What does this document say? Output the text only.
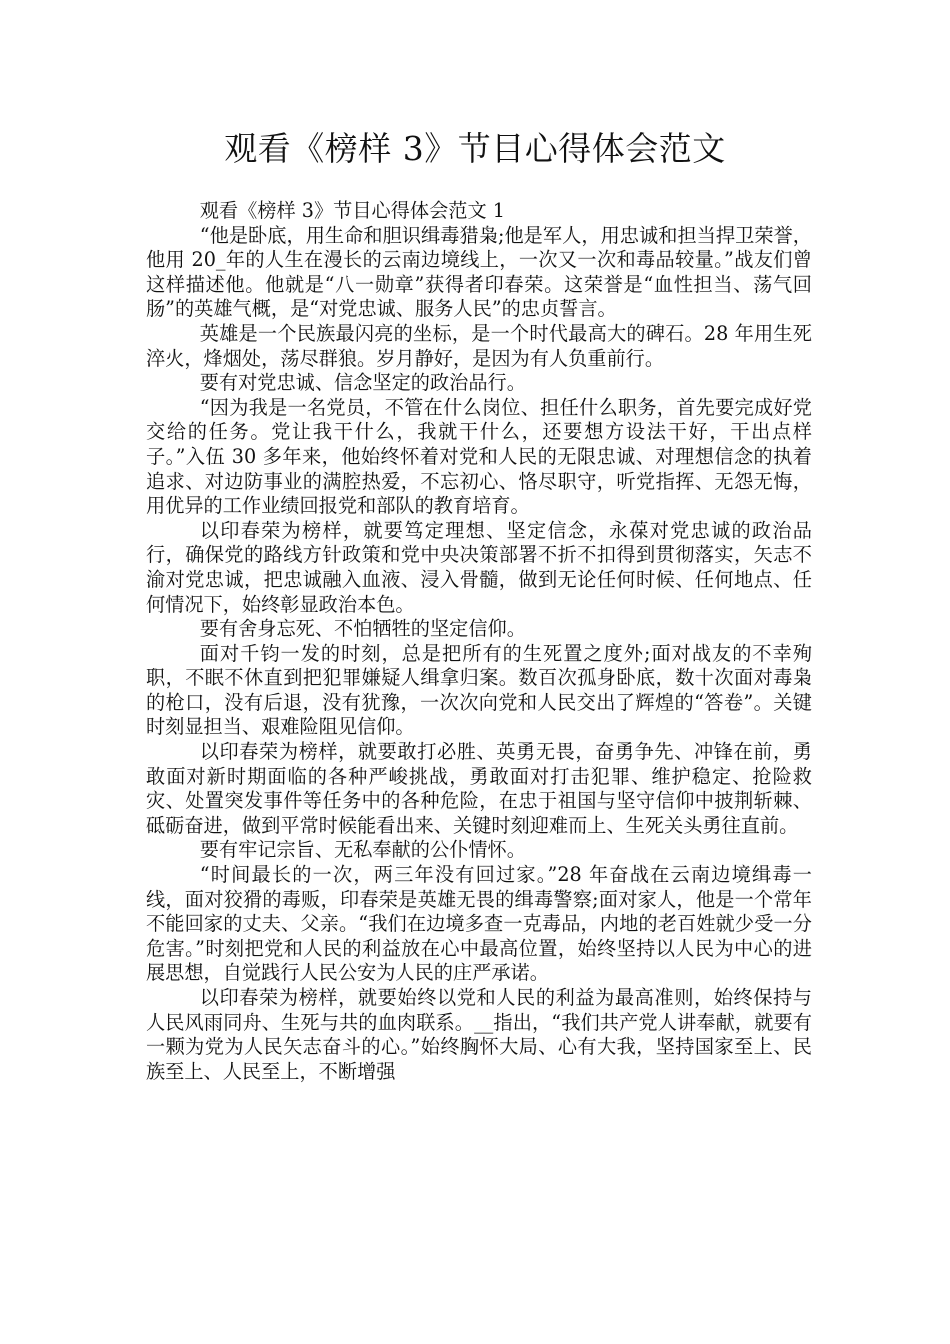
观看《榜样 3》节目心得体会范文

观看《榜样 3》节目心得体会范文 1

“他是卧底，用生命和胆识缉毒猎枭;他是军人，用忠诚和担当捍卫荣誉，他用 20_年的人生在漫长的云南边境线上，一次又一次和毒品较量。”战友们曾这样描述他。他就是“八一勋章”获得者印春荣。这荣誉是“血性担当、荡气回肠”的英雄气概，是“对党忠诚、服务人民”的忠贞誓言。

英雄是一个民族最闪亮的坐标，是一个时代最高大的碑石。28 年用生死淬火，烽烟处，荡尽群狼。岁月静好，是因为有人负重前行。

要有对党忠诚、信念坚定的政治品行。

“因为我是一名党员，不管在什么岗位、担任什么职务，首先要完成好党交给的任务。党让我干什么，我就干什么，还要想方设法干好，干出点样子。”入伍 30 多年来，他始终怀着对党和人民的无限忠诚、对理想信念的执着追求、对边防事业的满腔热爱，不忘初心、恪尽职守，听党指挥、无怨无悔，用优异的工作业绩回报党和部队的教育培育。

以印春荣为榜样，就要笃定理想、坚定信念，永葆对党忠诚的政治品行，确保党的路线方针政策和党中央决策部署不折不扣得到贯彻落实，矢志不渝对党忠诚，把忠诚融入血液、浸入骨髓，做到无论任何时候、任何地点、任何情况下，始终彰显政治本色。

要有舍身忘死、不怕牺牲的坚定信仰。

面对千钧一发的时刻，总是把所有的生死置之度外;面对战友的不幸殉职，不眠不休直到把犯罪嫌疑人缉拿归案。数百次孤身卧底，数十次面对毒枭的枪口，没有后退，没有犹豫，一次次向党和人民交出了辉煌的“答卷”。关键时刻显担当、艰难险阻见信仰。

以印春荣为榜样，就要敢打必胜、英勇无畏，奋勇争先、冲锋在前，勇敢面对新时期面临的各种严峻挑战，勇敢面对打击犯罪、维护稳定、抢险救灾、处置突发事件等任务中的各种危险，在忠于祖国与坚守信仰中披荆斩棘、砥砺奋进，做到平常时候能看出来、关键时刻迎难而上、生死关头勇往直前。

要有牢记宗旨、无私奉献的公仆情怀。

“时间最长的一次，两三年没有回过家。”28 年奋战在云南边境缉毒一线，面对狡猾的毒贩，印春荣是英雄无畏的缉毒警察;面对家人，他是一个常年不能回家的丈夫、父亲。“我们在边境多查一克毒品，内地的老百姓就少受一分危害。”时刻把党和人民的利益放在心中最高位置，始终坚持以人民为中心的进展思想，自觉践行人民公安为人民的庄严承诺。

以印春荣为榜样，就要始终以党和人民的利益为最高准则，始终保持与人民风雨同舟、生死与共的血肉联系。__指出，“我们共产党人讲奉献，就要有一颗为党为人民矢志奋斗的心。”始终胸怀大局、心有大我，坚持国家至上、民族至上、人民至上，不断增强
